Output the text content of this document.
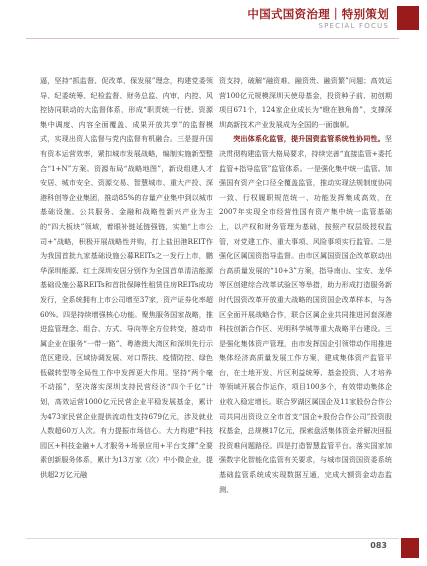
中国式国资治理｜特别策划
SPECIAL FOCUS

逼，坚持“抓监督、促改革、保发展”理念，构建党委领导、纪委统筹、纪检监督、财务总监、内审、内控、风控协同联动的大监督体系，形成“职责统一行使、资源集中调度、内容全面覆盖、成果开放共享”的监督模式，实现出资人监督与党内监督有机融合。三是提升国有资本运营效率，紧扣城市发展战略，编制实施新型整合“1+N”方案。资源布局“战略地图”，新设组建人才安居、城市安全、资源交易、智慧城市、重大产投、深港科创等企业集团，推动85%的存量产业集中到以城市基础设施、公共服务、金融和战略性新兴产业为主的“四大板块”领域，着眼补链延链强链，实施“上市公司+”战略，积极开展战略性并购，打上盐田港REIT作为我国首批九家基础设施公募REITs之一发行上市，鹏华深圳能源、红土深圳安居分别作为全国首单清洁能源基础设施公募REITs和首批保障性租赁住房REITs成功发行，全系统拥有上市公司增至37家，资产证券化率超60%。四是持续增强核心功能。聚焦服务国家战略，推进监管理念、组合、方式、导向等全方位转变，推动市属企业在服务“一带一路”、粤港澳大湾区和深圳先行示范区建设、区域协调发展、对口帮扶、疫情防控、绿色低碳转型等全局性工作中发挥更大作用。坚持“两个毫不动摇”，坚决落实深圳支持民营经济“四个千亿”计划，高效运营1000亿元民营企业平稳发展基金，累计为473家民营企业提供流动性支持679亿元，涉及就业人数超60万人次。有力提振市场信心。大力构建“科技园区+科技金融+人才服务+场景应用+平台支撑”全要素创新服务体系，累计为13万家（次）中小微企业，提供超2万亿元融

资支持，破解“融资难、融资贵、融资繁”问题；高效运营100亿元规模深圳天使母基金，投资种子前、初创期项目671个，124家企业成长为“瞪在独角兽”，支撑深圳高新技术产业发展成为全国的一面旗帜。

突出体系化监管，提升国资监管系统性协同性。坚决贯彻构建监管大格局要求，持续完善“直接监管+委托监管+指导监管”监管体系。一是强化集中统一监管。加强国有资产全口径全覆盖监管，推动实现法规制度协同一致、行权履职规范统一、功能发挥集成高效，在2007年实现全市经营性国有资产集中统一监管基础上，以产权和财务管理为基础，按照产权层级授权监管，对党建工作、重大事项、风险事项实行监管。二是强化区属国资指导监督。由市区属国资国企改革联动出台高质量发展的“10+3”方案，指导南山、宝安、龙华等区创建综合改革试验区等举措，助力形成打造服务新时代国资改革开放重大战略的国资国企改革样本，与各区全面开展战略合作，联合区属企业共同推进河套深港科技创新合作区、光明科学城等重大战略平台建设。三是强化集体资产管理，由市发挥国企引领带动作用推进集体经济高质量发展工作方案，建成集体资产监管平台，在土地开发、片区利益统筹、基金投资、人才培养等领域开展合作运作，项目100多个，有效带动集体企业收入稳定增长。联合罗湖区属国企及11家股份合作公司共同出资设立全市首支“国企+股份合作公司”投资股权基金，总规模17亿元，探索盘活集体资金并解决回报投资难问题路径。四是打造智慧监管平台。落实国家加强数字化智能化监管有关要求，与城市国资国资委系统基础监管系统成实现数据互通，完成大额资金动态监测、

083
